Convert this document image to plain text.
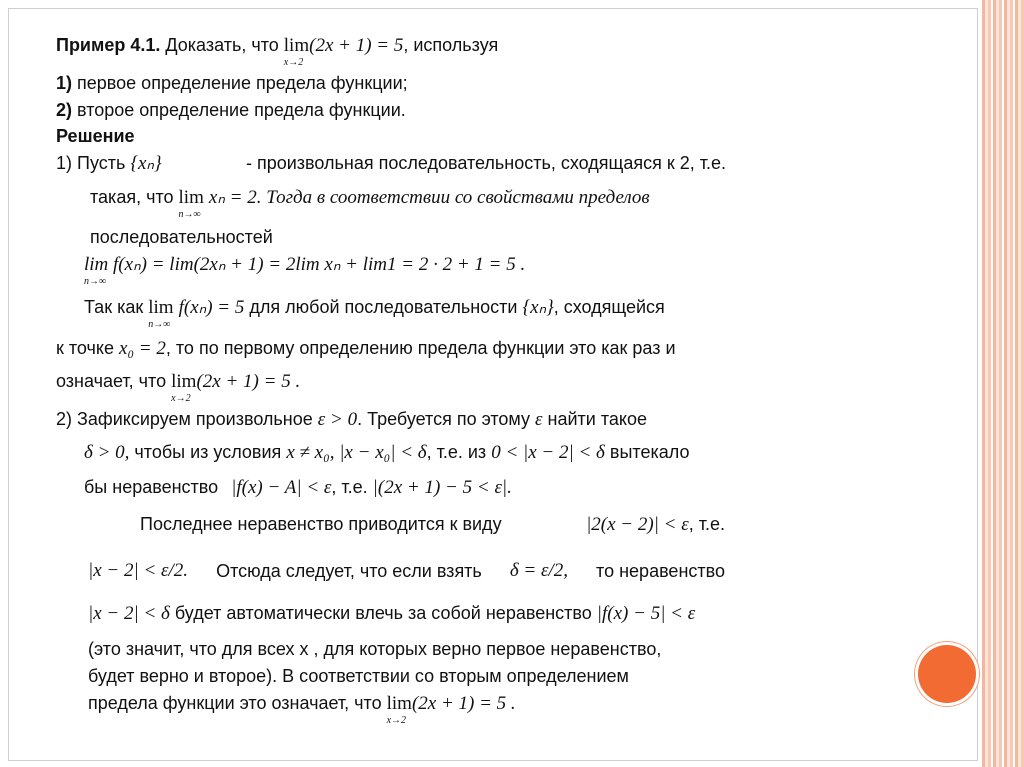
Пример 4.1. Доказать, что lim
x→2
(2x + 1) = 5, используя
1) первое определение предела функции;
2) второе определение предела функции.
Решение
1) Пусть {xₙ}	- произвольная последовательность, сходящаяся к 2, т.е.
такая, что lim
n→∞
xₙ = 2. Тогда в соответствии со свойствами пределов
последовательностей
lim
n→∞
f(xₙ) = lim(2xₙ + 1) = 2lim xₙ + lim1 = 2 · 2 + 1 = 5 .
Так как lim
n→∞
f(xₙ) = 5 для любой последовательности {xₙ}, сходящейся
к точке x₀ = 2, то по первому определению предела функции это как раз и
означает, что lim
x→2
(2x + 1) = 5 .
2) Зафиксируем произвольное ε > 0. Требуется по этому ε найти такое
δ > 0, чтобы из условия x ≠ x₀, |x − x₀| < δ, т.е. из 0 < |x − 2| < δ вытекало
бы неравенство |f(x) − A| < ε, т.е. |(2x + 1) − 5 < ε|.
Последнее неравенство приводится к виду	|2(x − 2)| < ε, т.е.
|x − 2| < ε/2. Отсюда следует, что если взять δ = ε/2, то неравенство
|x − 2| < δ будет автоматически влечь за собой неравенство |f(x) − 5| < ε
(это значит, что для всех x , для которых верно первое неравенство,
будет верно и второе). В соответствии со вторым определением
предела функции это означает, что lim
x→2
(2x + 1) = 5 .
